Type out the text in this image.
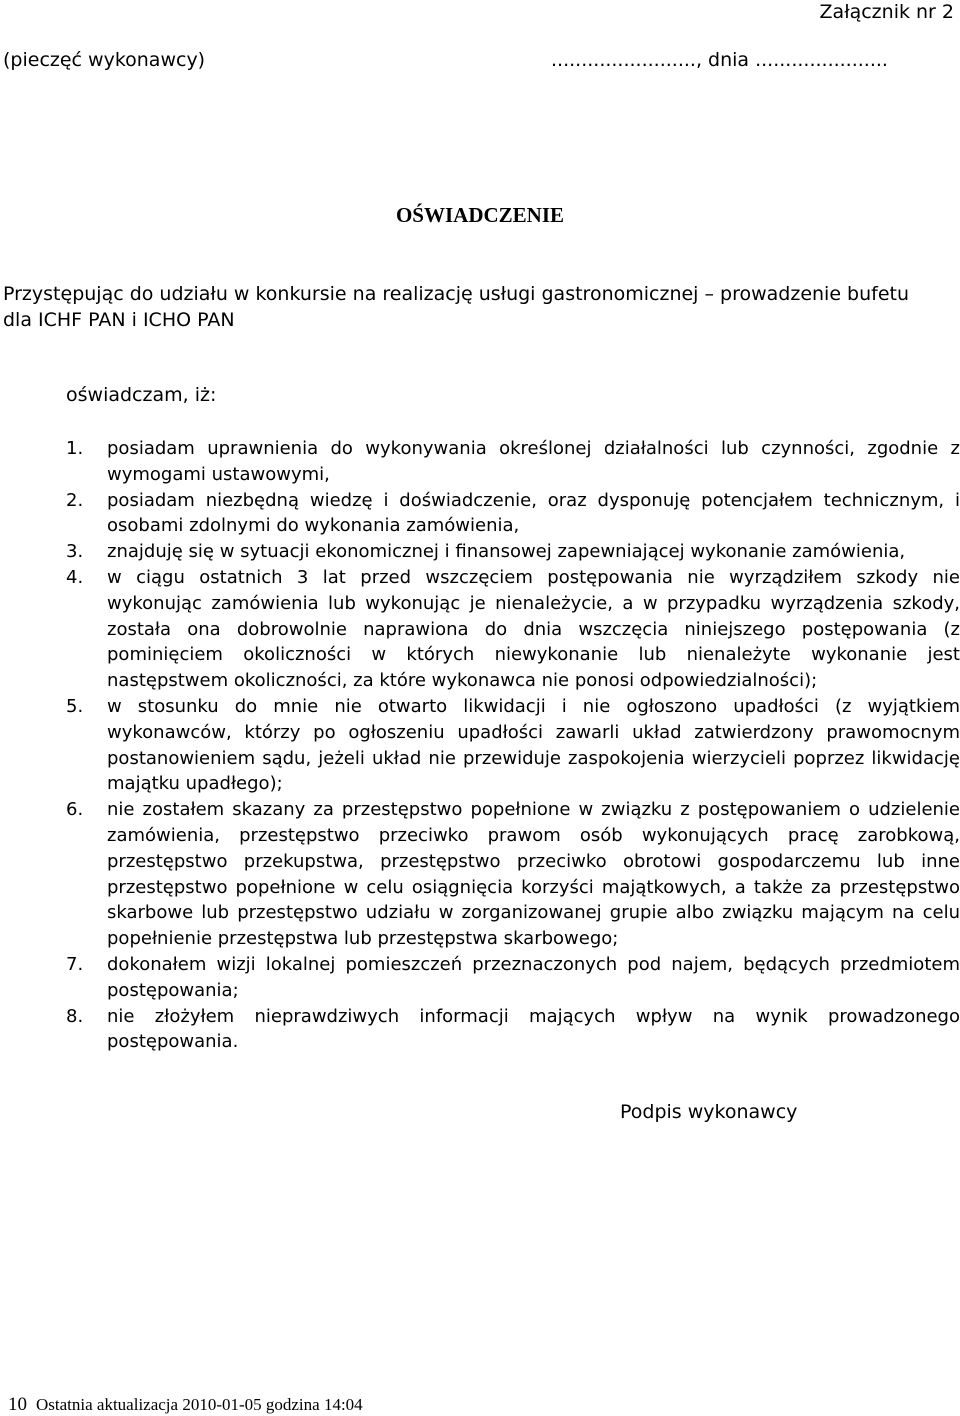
Załącznik nr 2
(pieczęć wykonawcy)	........................, dnia ......................
OŚWIADCZENIE
Przystępując do udziału w konkursie na realizację usługi gastronomicznej – prowadzenie bufetu dla ICHF PAN i ICHO PAN
oświadczam, iż:
1. posiadam uprawnienia do wykonywania określonej działalności lub czynności, zgodnie z wymogami ustawowymi,
2. posiadam niezbędną wiedzę i doświadczenie, oraz dysponuję potencjałem technicznym, i osobami zdolnymi do wykonania zamówienia,
3. znajduję się w sytuacji ekonomicznej i finansowej zapewniającej wykonanie zamówienia,
4. w ciągu ostatnich 3 lat przed wszczęciem postępowania nie wyrządziłem szkody nie wykonując zamówienia lub wykonując je nienależycie, a w przypadku wyrządzenia szkody, została ona dobrowolnie naprawiona do dnia wszczęcia niniejszego postępowania (z pominięciem okoliczności w których niewykonanie lub nienależyte wykonanie jest następstwem okoliczności, za które wykonawca nie ponosi odpowiedzialności);
5. w stosunku do mnie nie otwarto likwidacji i nie ogłoszono upadłości (z wyjątkiem wykonawców, którzy po ogłoszeniu upadłości zawarli układ zatwierdzony prawomocnym postanowieniem sądu, jeżeli układ nie przewiduje zaspokojenia wierzycieli poprzez likwidację majątku upadłego);
6. nie zostałem skazany za przestępstwo popełnione w związku z postępowaniem o udzielenie zamówienia, przestępstwo przeciwko prawom osób wykonujących pracę zarobkową, przestępstwo przekupstwa, przestępstwo przeciwko obrotowi gospodarczemu lub inne przestępstwo popełnione w celu osiągnięcia korzyści majątkowych, a także za przestępstwo skarbowe lub przestępstwo udziału w zorganizowanej grupie albo związku mającym na celu popełnienie przestępstwa lub przestępstwa skarbowego;
7. dokonałem wizji lokalnej pomieszczeń przeznaczonych pod najem, będących przedmiotem postępowania;
8. nie złożyłem nieprawdziwych informacji mających wpływ na wynik prowadzonego postępowania.
Podpis wykonawcy
10 Ostatnia aktualizacja 2010-01-05 godzina 14:04
